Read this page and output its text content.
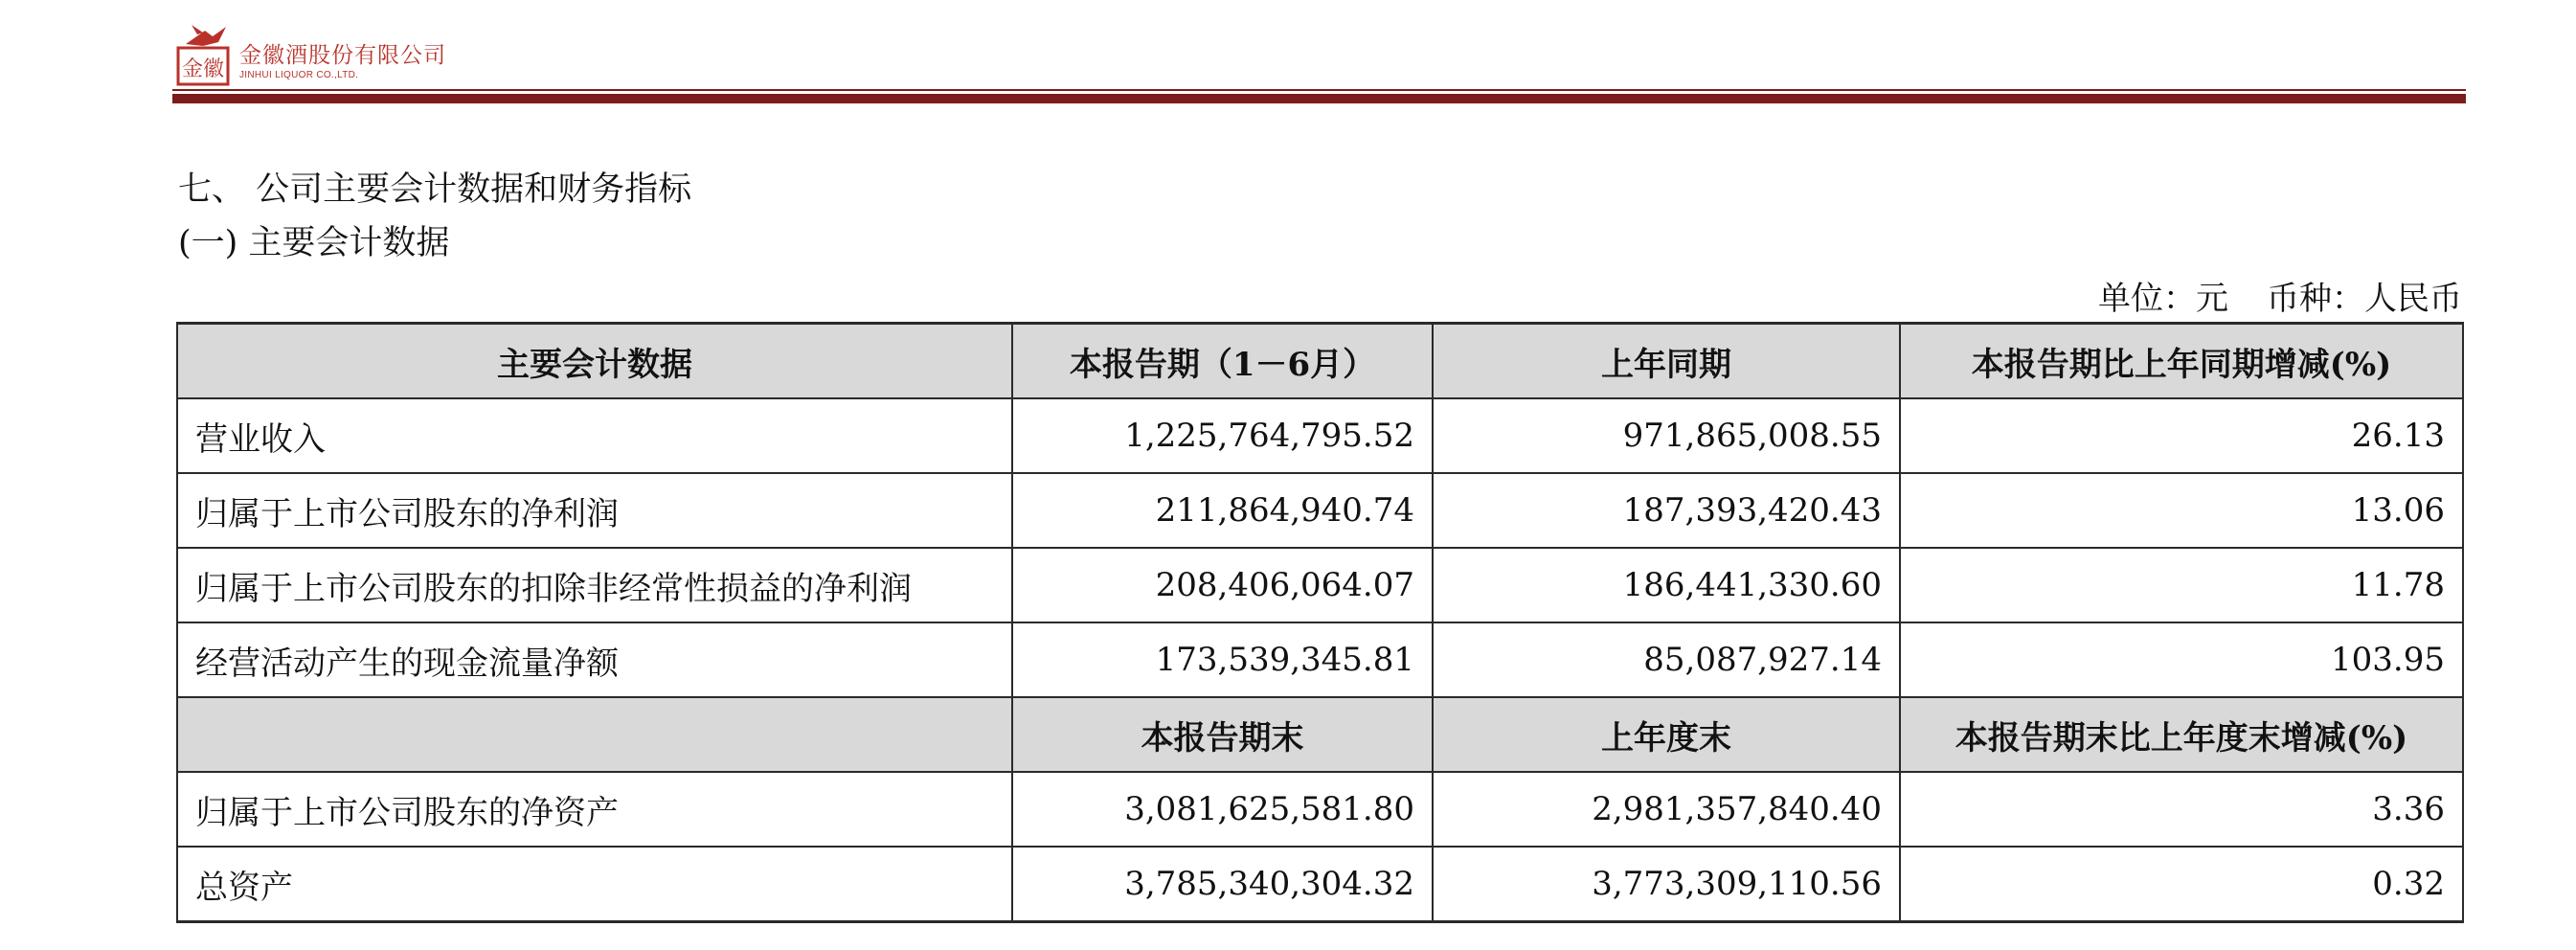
金徽
金徽酒股份有限公司
JINHUI LIQUOR CO.,LTD.
七、 公司主要会计数据和财务指标
(一) 主要会计数据
单位：元 币种：人民币
主要会计数据	本报告期（1－6月）	上年同期	本报告期比上年同期增减(%)
营业收入	1,225,764,795.52	971,865,008.55	26.13
归属于上市公司股东的净利润	211,864,940.74	187,393,420.43	13.06
归属于上市公司股东的扣除非经常性损益的净利润	208,406,064.07	186,441,330.60	11.78
经营活动产生的现金流量净额	173,539,345.81	85,087,927.14	103.95
	本报告期末	上年度末	本报告期末比上年度末增减(%)
归属于上市公司股东的净资产	3,081,625,581.80	2,981,357,840.40	3.36
总资产	3,785,340,304.32	3,773,309,110.56	0.32
